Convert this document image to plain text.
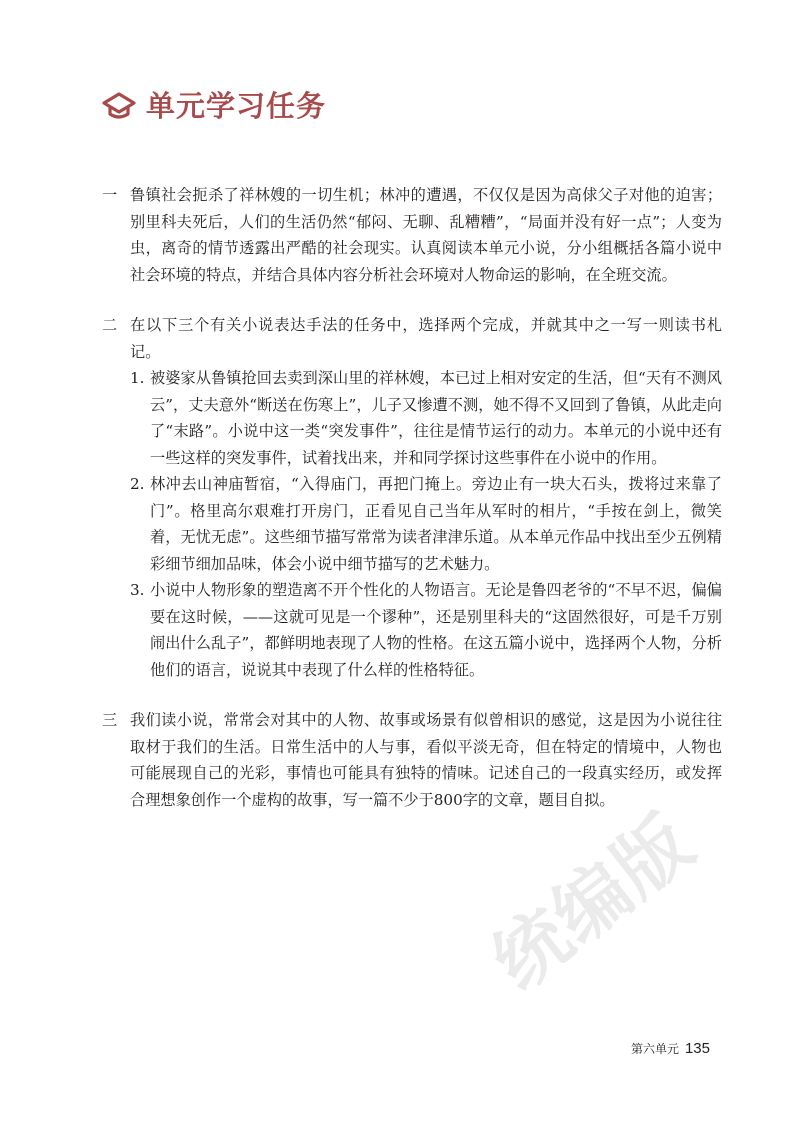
单元学习任务
一 鲁镇社会扼杀了祥林嫂的一切生机；林冲的遭遇，不仅仅是因为高俅父子对他的迫害；别里科夫死后，人们的生活仍然“郁闷、无聊、乱糟糟”，“局面并没有好一点”；人变为虫，离奇的情节透露出严酷的社会现实。认真阅读本单元小说，分小组概括各篇小说中社会环境的特点，并结合具体内容分析社会环境对人物命运的影响，在全班交流。
二 在以下三个有关小说表达手法的任务中，选择两个完成，并就其中之一写一则读书札记。
1. 被婆家从鲁镇抢回去卖到深山里的祥林嫂，本已过上相对安定的生活，但“天有不测风云”，丈夫意外“断送在伤寒上”，儿子又惨遭不测，她不得不又回到了鲁镇，从此走向了“末路”。小说中这一类“突发事件”，往往是情节运行的动力。本单元的小说中还有一些这样的突发事件，试着找出来，并和同学探讨这些事件在小说中的作用。
2. 林冲去山神庙暂宿，“入得庙门，再把门掩上。旁边止有一块大石头，拨将过来靠了门”。格里高尔艰难打开房门，正看见自己当年从军时的相片，“手按在剑上，微笑着，无忧无虑”。这些细节描写常常为读者津津乐道。从本单元作品中找出至少五例精彩细节细加品味，体会小说中细节描写的艺术魅力。
3. 小说中人物形象的塑造离不开个性化的人物语言。无论是鲁四老爷的“不早不迟，偏偏要在这时候，——这就可见是一个谬种”，还是别里科夫的“这固然很好，可是千万别闹出什么乱子”，都鲜明地表现了人物的性格。在这五篇小说中，选择两个人物，分析他们的语言，说说其中表现了什么样的性格特征。
三 我们读小说，常常会对其中的人物、故事或场景有似曾相识的感觉，这是因为小说往往取材于我们的生活。日常生活中的人与事，看似平淡无奇，但在特定的情境中，人物也可能展现自己的光彩，事情也可能具有独特的情味。记述自己的一段真实经历，或发挥合理想象创作一个虚构的故事，写一篇不少于800字的文章，题目自拟。
统编版
第六单元 135
